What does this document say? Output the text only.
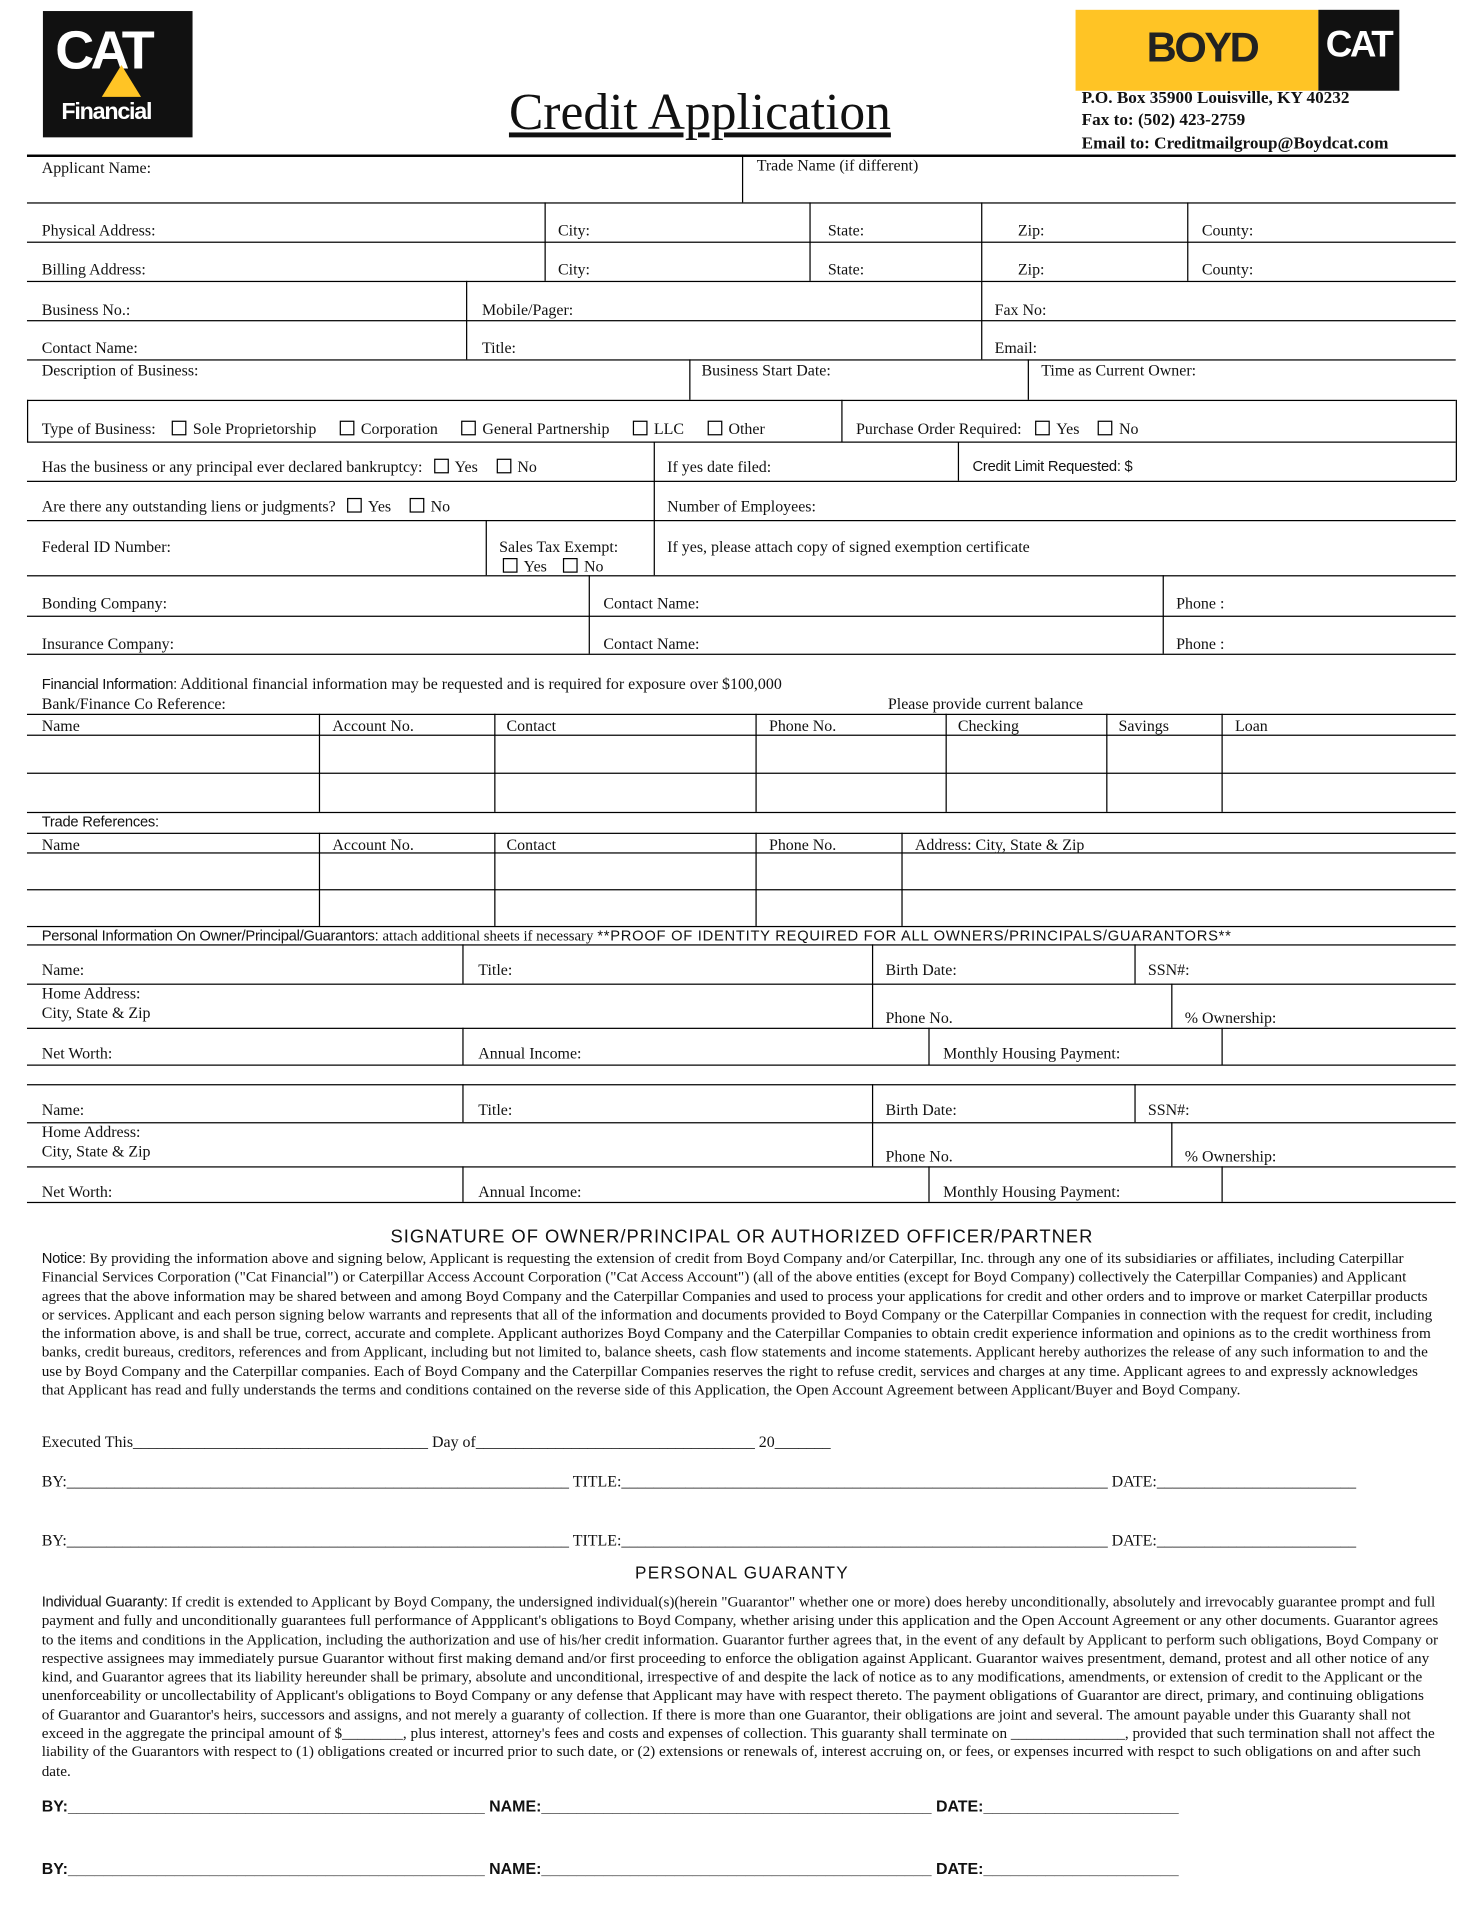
CAT
Financial	Credit Application
BOYD CAT
P.O. Box 35900 Louisville, KY 40232
Fax to: (502) 423-2759
Email to: Creditmailgroup@Boydcat.com
Applicant Name:	Trade Name (if different)
Physical Address:	City:	State:	Zip:	County:
Billing Address:	City:	State:	Zip:	County:
Business No.:	Mobile/Pager:	Fax No:
Contact Name:	Title:	Email:
Description of Business:	Business Start Date:	Time as Current Owner:
Type of Business:	Sole Proprietorship	Corporation	General Partnership	LLC	Other	Purchase Order Required:	Yes	No
Has the business or any principal ever declared bankruptcy: Yes	No	If yes date filed:	Credit Limit Requested: $
Are there any outstanding liens or judgments? Yes	No	Number of Employees:
Federal ID Number:	Sales Tax Exempt:
Yes	No
If yes, please attach copy of signed exemption certificate
Bonding Company:	Contact Name:	Phone :
Insurance Company:	Contact Name:	Phone :
Financial Information: Additional financial information may be requested and is required for exposure over $100,000
Bank/Finance Co Reference:	Please provide current balance
Name	Account No.	Contact	Phone No.	Checking	Savings	Loan
Trade References:
Name	Account No.	Contact	Phone No.	Address: City, State & Zip
Personal Information On Owner/Principal/Guarantors: attach additional sheets if necessary **PROOF OF IDENTITY REQUIRED FOR ALL OWNERS/PRINCIPALS/GUARANTORS**
Name:	Title:	Birth Date:	SSN#:
Home Address:
City, State & Zip	Phone No.	% Ownership:
Net Worth:	Annual Income:	Monthly Housing Payment:
Name:	Title:	Birth Date:	SSN#:
Home Address:
City, State & Zip	Phone No.	% Ownership:
Net Worth:	Annual Income:	Monthly Housing Payment:
SIGNATURE OF OWNER/PRINCIPAL OR AUTHORIZED OFFICER/PARTNER
Notice: By providing the information above and signing below, Applicant is requesting the extension of credit from Boyd Company and/or Caterpillar, Inc. through any one of its subsidiaries or affiliates, including Caterpillar Financial Services Corporation ("Cat Financial") or Caterpillar Access Account Corporation ("Cat Access Account") (all of the above entities (except for Boyd Company) collectively the Caterpillar Companies) and Applicant agrees that the above information may be shared between and among Boyd Company and the Caterpillar Companies and used to process your applications for credit and other orders and to improve or market Caterpillar products or services. Applicant and each person signing below warrants and represents that all of the information and documents provided to Boyd Company or the Caterpillar Companies in connection with the request for credit, including the information above, is and shall be true, correct, accurate and complete. Applicant authorizes Boyd Company and the Caterpillar Companies to obtain credit experience information and opinions as to the credit worthiness from banks, credit bureaus, creditors, references and from Applicant, including but not limited to, balance sheets, cash flow statements and income statements. Applicant hereby authorizes the release of any such information to and the use by Boyd Company and the Caterpillar companies. Each of Boyd Company and the Caterpillar Companies reserves the right to refuse credit, services and charges at any time. Applicant agrees to and expressly acknowledges that Applicant has read and fully understands the terms and conditions contained on the reverse side of this Application, the Open Account Agreement between Applicant/Buyer and Boyd Company.
Executed This_____________________________________ Day of___________________________________ 20_______
BY:_______________________________________________________________ TITLE:_____________________________________________________________ DATE:_________________________
BY:_______________________________________________________________ TITLE:_____________________________________________________________ DATE:_________________________
PERSONAL GUARANTY
Individual Guaranty: If credit is extended to Applicant by Boyd Company, the undersigned individual(s)(herein "Guarantor" whether one or more) does hereby unconditionally, absolutely and irrevocably guarantee prompt and full payment and fully and unconditionally guarantees full performance of Appplicant's obligations to Boyd Company, whether arising under this application and the Open Account Agreement or any other documents. Guarantor agrees to the items and conditions in the Application, including the authorization and use of his/her credit information. Guarantor further agrees that, in the event of any default by Applicant to perform such obligations, Boyd Company or respective assignees may immediately pursue Guarantor without first making demand and/or first proceeding to enforce the obligation against Applicant. Guarantor waives presentment, demand, protest and all other notice of any kind, and Guarantor agrees that its liability hereunder shall be primary, absolute and unconditional, irrespective of and despite the lack of notice as to any modifications, amendments, or extension of credit to the Applicant or the unenforceability or uncollectability of Applicant's obligations to Boyd Company or any defense that Applicant may have with respect thereto. The payment obligations of Guarantor are direct, primary, and continuing obligations of Guarantor and Guarantor's heirs, successors and assigns, and not merely a guaranty of collection. If there is more than one Guarantor, their obligations are joint and several. The amount payable under this Guaranty shall not exceed in the aggregate the principal amount of $________, plus interest, attorney's fees and costs and expenses of collection. This guaranty shall terminate on _______________, provided that such termination shall not affect the liability of the Guarantors with respect to (1) obligations created or incurred prior to such date, or (2) extensions or renewals of, interest accruing on, or fees, or expenses incurred with respct to such obligations on and after such date.
BY:_______________________________________________ NAME:____________________________________________ DATE:______________________
BY:_______________________________________________ NAME:____________________________________________ DATE:______________________
